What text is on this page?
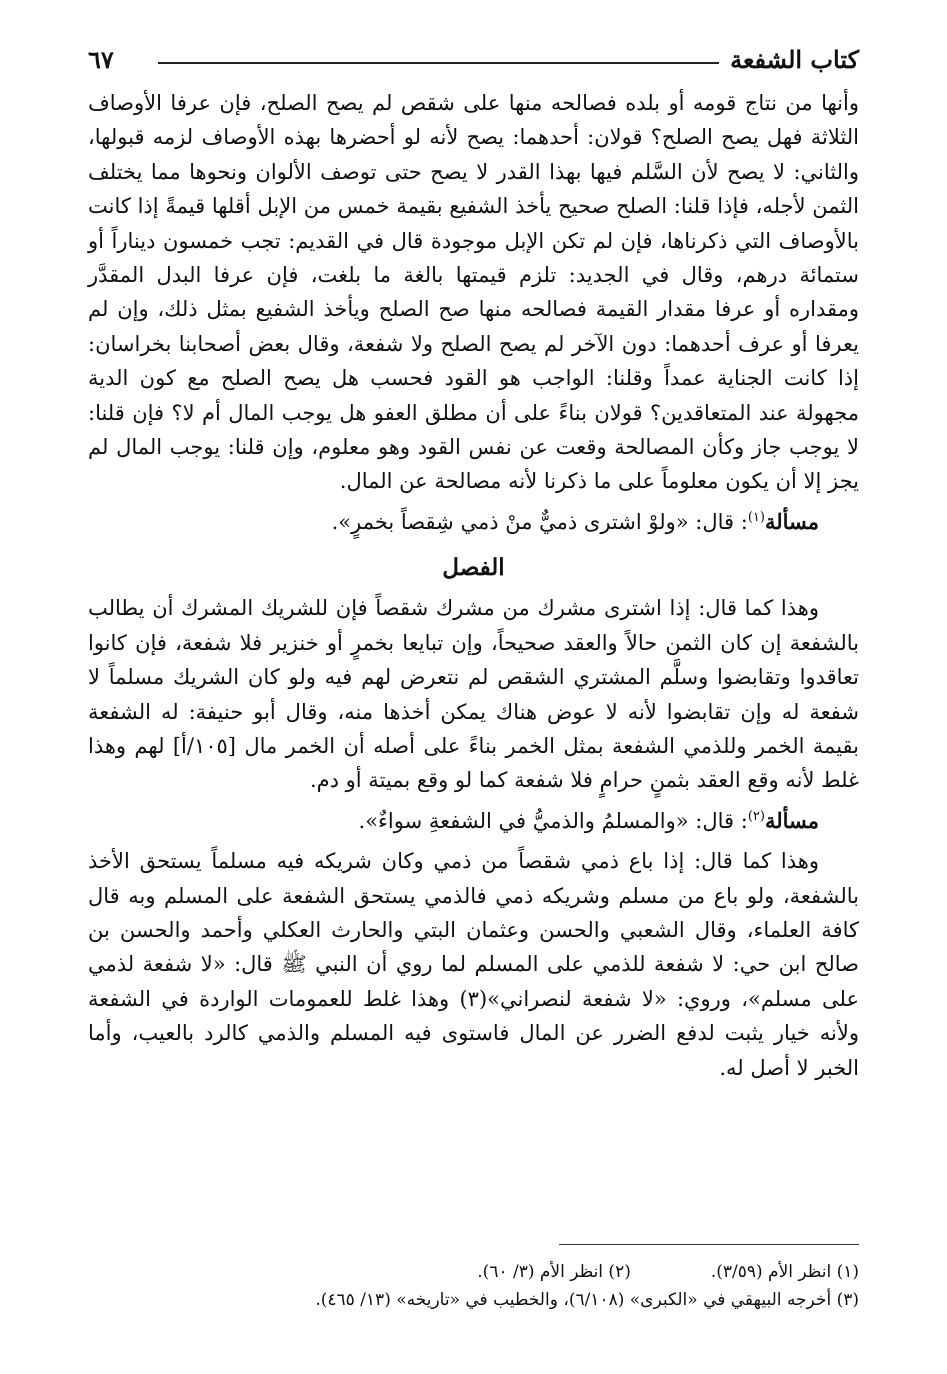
كتاب الشفعة
٦٧

وأنها من نتاج قومه أو بلده فصالحه منها على شقص لم يصح الصلح، فإن عرفا الأوصاف الثلاثة فهل يصح الصلح؟ قولان: أحدهما: يصح لأنه لو أحضرها بهذه الأوصاف لزمه قبولها، والثاني: لا يصح لأن السَّلم فيها بهذا القدر لا يصح حتى توصف الألوان ونحوها مما يختلف الثمن لأجله، فإذا قلنا: الصلح صحيح يأخذ الشفيع بقيمة خمس من الإبل أقلها قيمةً إذا كانت بالأوصاف التي ذكرناها، فإن لم تكن الإبل موجودة قال في القديم: تجب خمسون ديناراً أو ستمائة درهم، وقال في الجديد: تلزم قيمتها بالغة ما بلغت، فإن عرفا البدل المقدَّر ومقداره أو عرفا مقدار القيمة فصالحه منها صح الصلح ويأخذ الشفيع بمثل ذلك، وإن لم يعرفا أو عرف أحدهما: دون الآخر لم يصح الصلح ولا شفعة، وقال بعض أصحابنا بخراسان: إذا كانت الجناية عمداً وقلنا: الواجب هو القود فحسب هل يصح الصلح مع كون الدية مجهولة عند المتعاقدين؟ قولان بناءً على أن مطلق العفو هل يوجب المال أم لا؟ فإن قلنا: لا يوجب جاز وكأن المصالحة وقعت عن نفس القود وهو معلوم، وإن قلنا: يوجب المال لم يجز إلا أن يكون معلوماً على ما ذكرنا لأنه مصالحة عن المال.

مسألة$^{(١)}$: قال: «ولوْ اشترى ذميٌّ منْ ذمي شِقصاً بخمرٍ».

الفصل

وهذا كما قال: إذا اشترى مشرك من مشرك شقصاً فإن للشريك المشرك أن يطالب بالشفعة إن كان الثمن حالاً والعقد صحيحاً، وإن تبايعا بخمرٍ أو خنزير فلا شفعة، فإن كانوا تعاقدوا وتقابضوا وسلَّم المشتري الشقص لم نتعرض لهم فيه ولو كان الشريك مسلماً لا شفعة له وإن تقابضوا لأنه لا عوض هناك يمكن أخذها منه، وقال أبو حنيفة: له الشفعة بقيمة الخمر وللذمي الشفعة بمثل الخمر بناءً على أصله أن الخمر مال [١٠٥/أ] لهم وهذا غلط لأنه وقع العقد بثمنٍ حرامٍ فلا شفعة كما لو وقع بميتة أو دم.

مسألة$^{(٢)}$: قال: «والمسلمُ والذميُّ في الشفعةِ سواءٌ».

وهذا كما قال: إذا باع ذمي شقصاً من ذمي وكان شريكه فيه مسلماً يستحق الأخذ بالشفعة، ولو باع من مسلم وشريكه ذمي فالذمي يستحق الشفعة على المسلم وبه قال كافة العلماء، وقال الشعبي والحسن وعثمان البتي والحارث العكلي وأحمد والحسن بن صالح ابن حي: لا شفعة للذمي على المسلم لما روي أن النبي ﷺ قال: «لا شفعة لذمي على مسلم»، وروي: «لا شفعة لنصراني»(٣) وهذا غلط للعمومات الواردة في الشفعة ولأنه خيار يثبت لدفع الضرر عن المال فاستوى فيه المسلم والذمي كالرد بالعيب، وأما الخبر لا أصل له.

(١) انظر الأم (٣/٥٩).
(٢) انظر الأم (٣/ ٦٠).
(٣) أخرجه البيهقي في «الكبرى» (٦/١٠٨)، والخطيب في «تاريخه» (١٣/ ٤٦٥).
